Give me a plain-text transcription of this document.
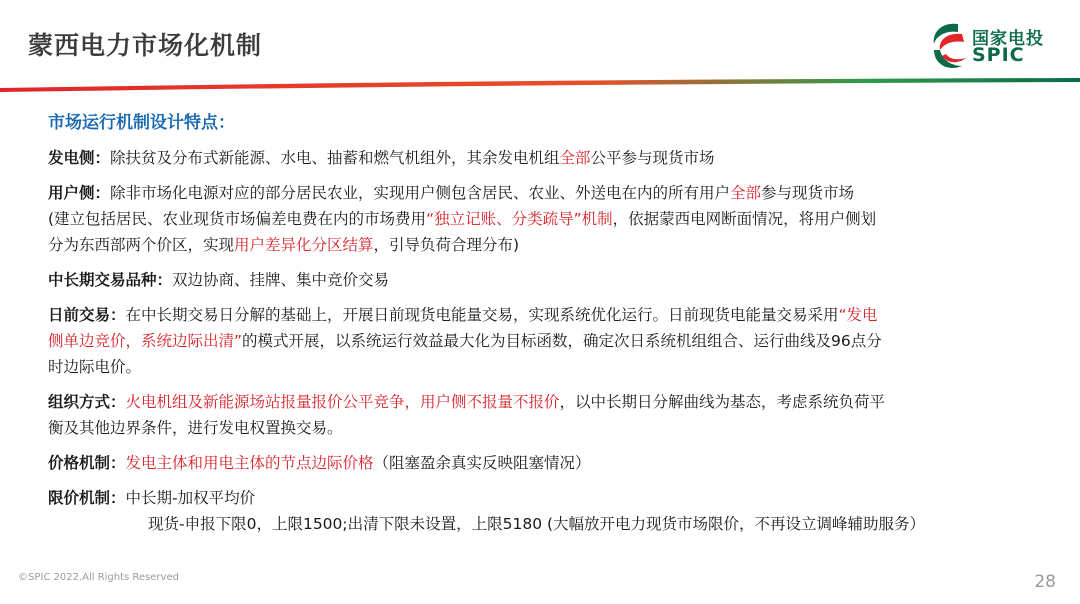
蒙西电力市场化机制	国家电投
SPIC
市场运行机制设计特点：
发电侧：除扶贫及分布式新能源、水电、抽蓄和燃气机组外，其余发电机组全部公平参与现货市场
用户侧：除非市场化电源对应的部分居民农业，实现用户侧包含居民、农业、外送电在内的所有用户全部参与现货市场
(建立包括居民、农业现货市场偏差电费在内的市场费用“独立记账、分类疏导”机制，依据蒙西电网断面情况，将用户侧划
分为东西部两个价区，实现用户差异化分区结算，引导负荷合理分布)
中长期交易品种：双边协商、挂牌、集中竞价交易
日前交易：在中长期交易日分解的基础上，开展日前现货电能量交易，实现系统优化运行。日前现货电能量交易采用“发电
侧单边竞价，系统边际出清”的模式开展，以系统运行效益最大化为目标函数，确定次日系统机组组合、运行曲线及96点分
时边际电价。
组织方式：火电机组及新能源场站报量报价公平竞争，用户侧不报量不报价，以中长期日分解曲线为基态，考虑系统负荷平
衡及其他边界条件，进行发电权置换交易。
价格机制：发电主体和用电主体的节点边际价格（阻塞盈余真实反映阻塞情况）
限价机制：中长期-加权平均价
现货-申报下限0，上限1500;出清下限未设置，上限5180 (大幅放开电力现货市场限价，不再设立调峰辅助服务）
©SPIC 2022.All Rights Reserved	28
